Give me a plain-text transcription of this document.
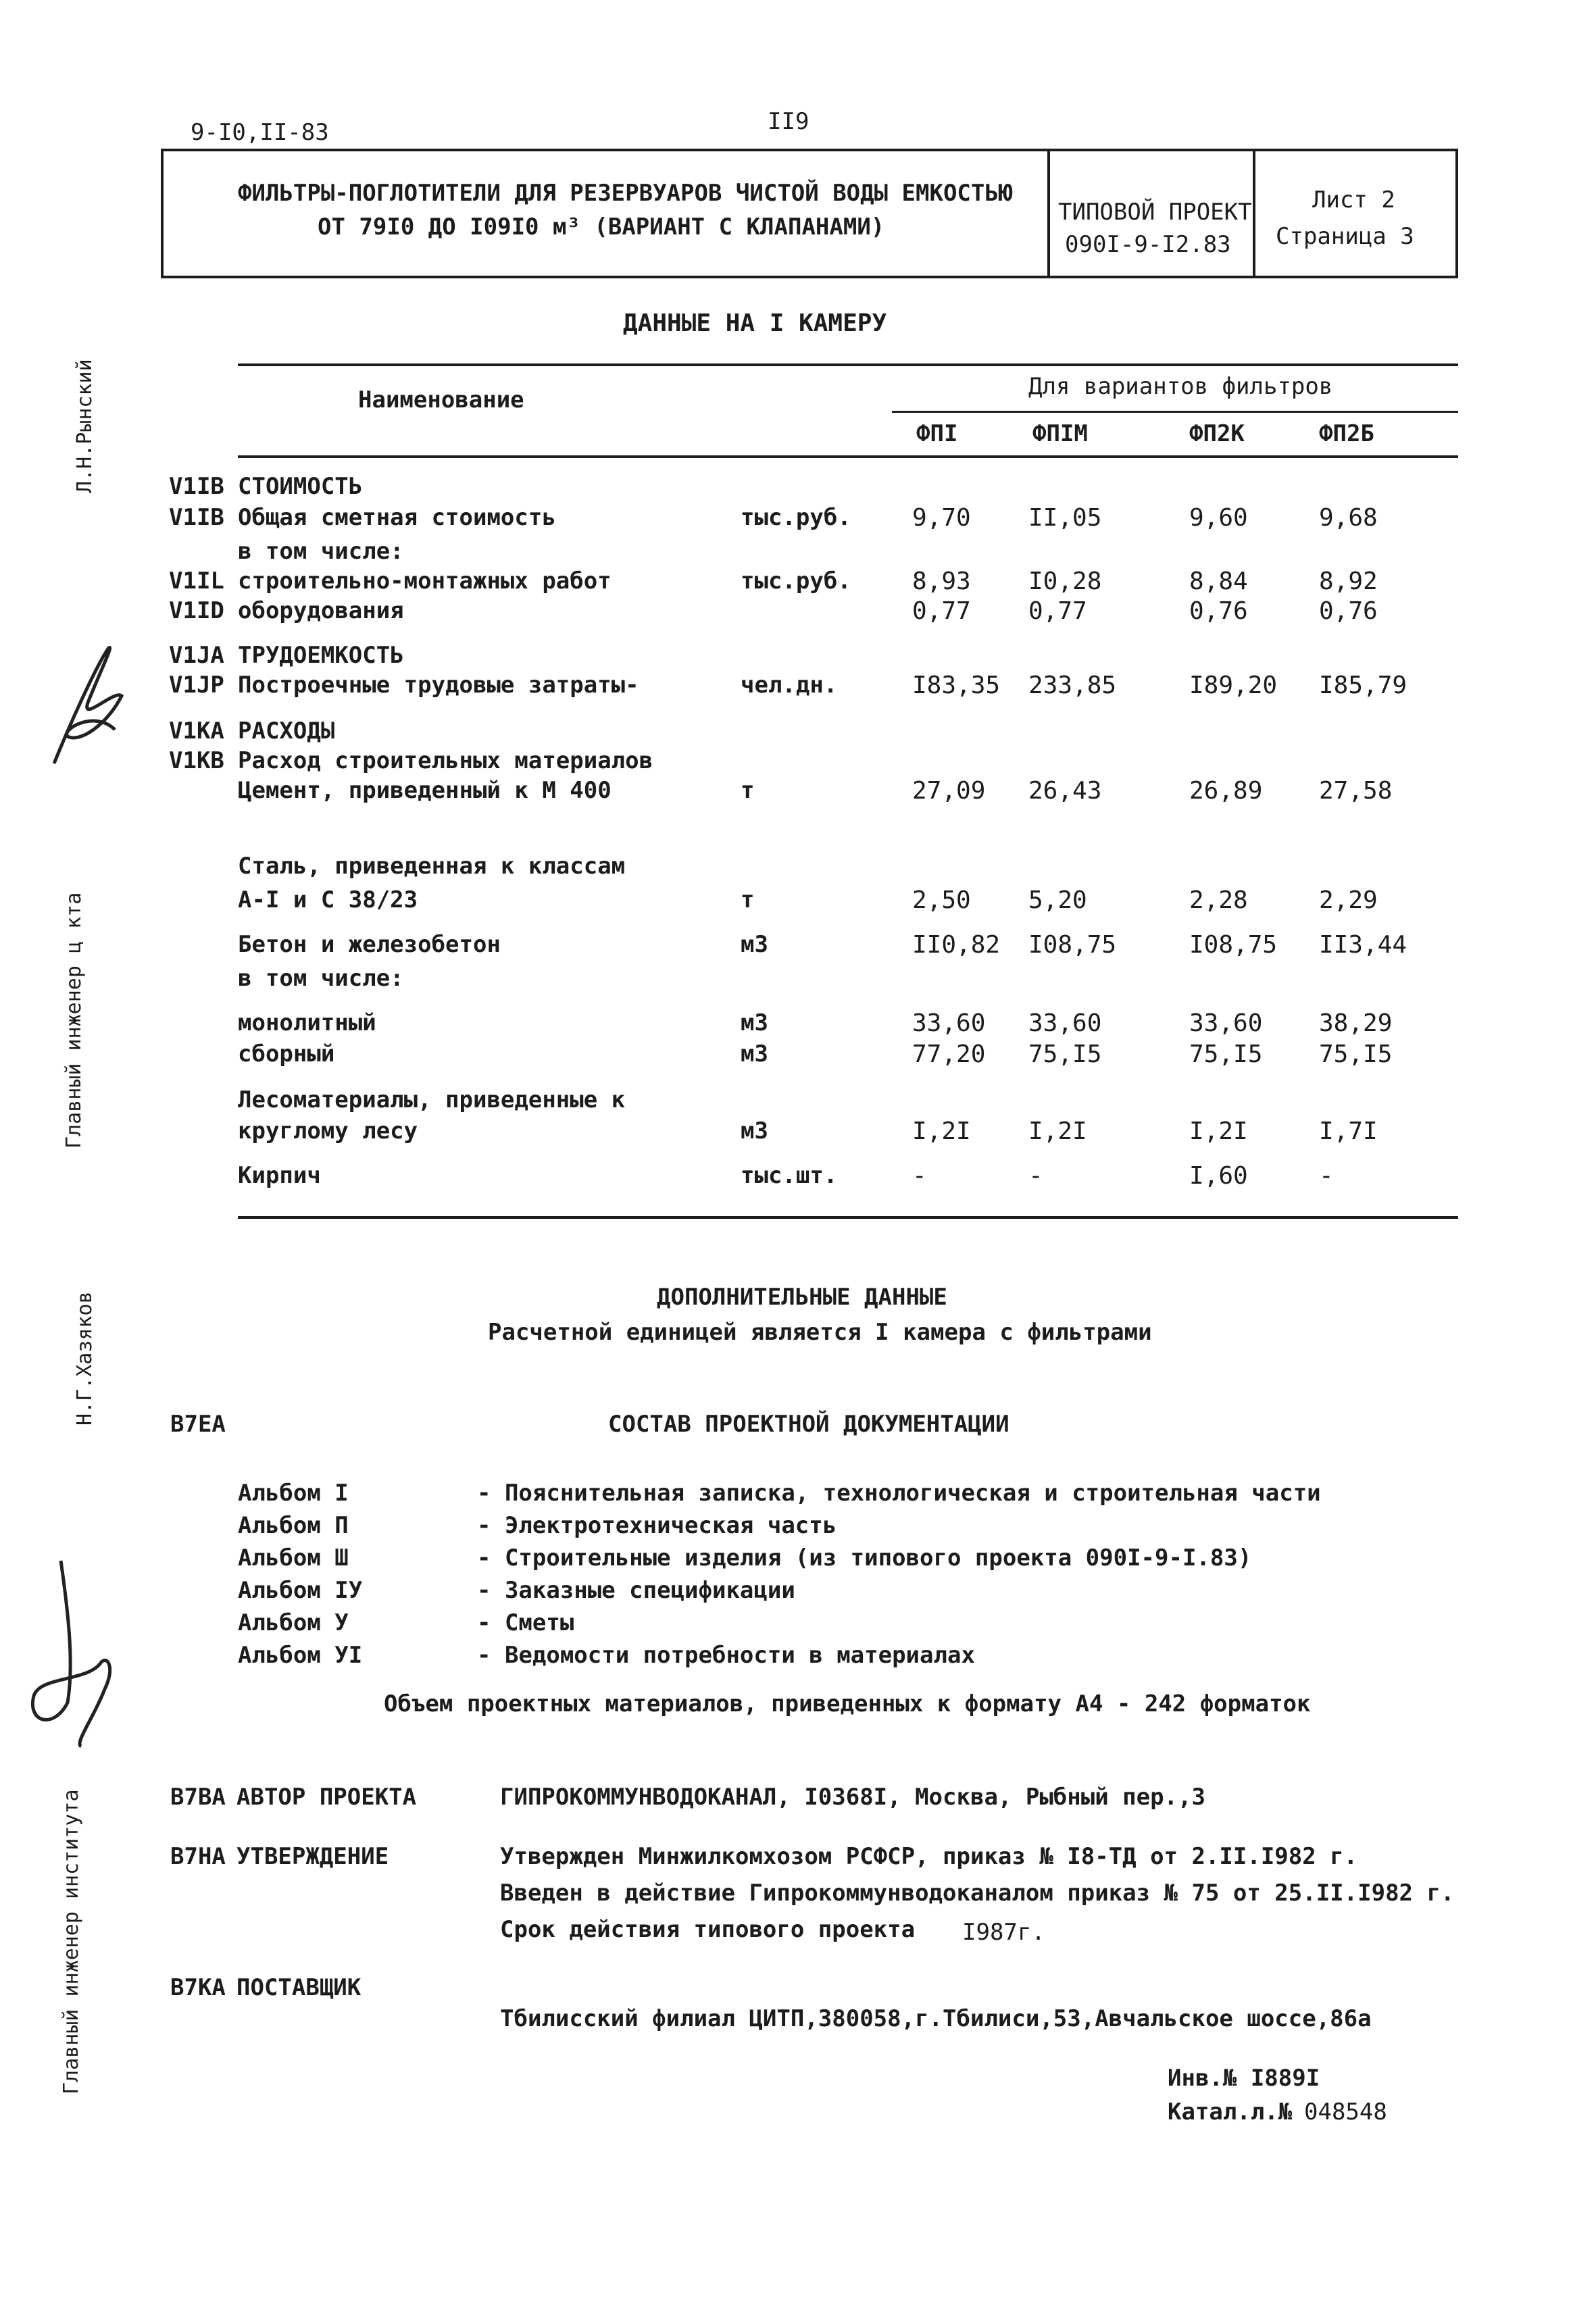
9-I0,II-83	II9
ФИЛЬТРЫ-ПОГЛОТИТЕЛИ ДЛЯ РЕЗЕРВУАРОВ ЧИСТОЙ ВОДЫ ЕМКОСТЬЮ
ОТ 79I0 ДО I09I0 м³ (ВАРИАНТ С КЛАПАНАМИ)
ТИПОВОЙ ПРОЕКТ
090I-9-I2.83
Лист 2
Страница 3
Л.Н.Рынский
Главный инженер ц кта
Н.Г.Хазяков
Главный инженер института
ДАННЫЕ НА I КАМЕРУ
Наименование	Для вариантов фильтров
ФПI	ФПIМ	ФП2К	ФП2Б
V1IB СТОИМОСТЬ
V1IB Общая сметная стоимость	тыс.руб.	9,70 II,05	9,60	9,68
в том числе:
V1IL строительно-монтажных работ	тыс.руб.	8,93 I0,28	8,84	8,92
V1ID оборудования	0,77 0,77	0,76	0,76
V1JA ТРУДОЕМКОСТЬ
V1JP Построечные трудовые затраты-	чел.дн.	I83,35 233,85	I89,20 I85,79
V1KA РАСХОДЫ
V1KB Расход строительных материалов
Цемент, приведенный к М 400	т	27,09 26,43	26,89 27,58
Сталь, приведенная к классам
А-I и С 38/23	т	2,50 5,20	2,28	2,29
Бетон и железобетон	м3	II0,82 I08,75	I08,75 II3,44
в том числе:
монолитный	м3	33,60 33,60	33,60 38,29
сборный	м3	77,20 75,I5	75,I5 75,I5
Лесоматериалы, приведенные к
круглому лесу	м3	I,2I I,2I	I,2I	I,7I
Кирпич	тыс.шт.	-	-	I,60	-
ДОПОЛНИТЕЛЬНЫЕ ДАННЫЕ
Расчетной единицей является I камера с фильтрами
В7ЕА	СОСТАВ ПРОЕКТНОЙ ДОКУМЕНТАЦИИ
Альбом I	- Пояснительная записка, технологическая и строительная части
Альбом П	- Электротехническая часть
Альбом Ш	- Строительные изделия (из типового проекта 090I-9-I.83)
Альбом IУ	- Заказные спецификации
Альбом У	- Сметы
Альбом УI	- Ведомости потребности в материалах
Объем проектных материалов, приведенных к формату А4 - 242 форматок
В7ВА АВТОР ПРОЕКТА	ГИПРОКОММУНВОДОКАНАЛ, I0368I, Москва, Рыбный пер.,3
В7НА УТВЕРЖДЕНИЕ	Утвержден Минжилкомхозом РСФСР, приказ № I8-ТД от 2.II.I982 г.
Введен в действие Гипрокоммунводоканалом приказ № 75 от 25.II.I982 г.
Срок действия типового проекта I987г.
В7КА ПОСТАВЩИК
Тбилисский филиал ЦИТП,380058,г.Тбилиси,53,Авчальское шоссе,86а
Инв.№ I889I
Катал.л.№ 048548
